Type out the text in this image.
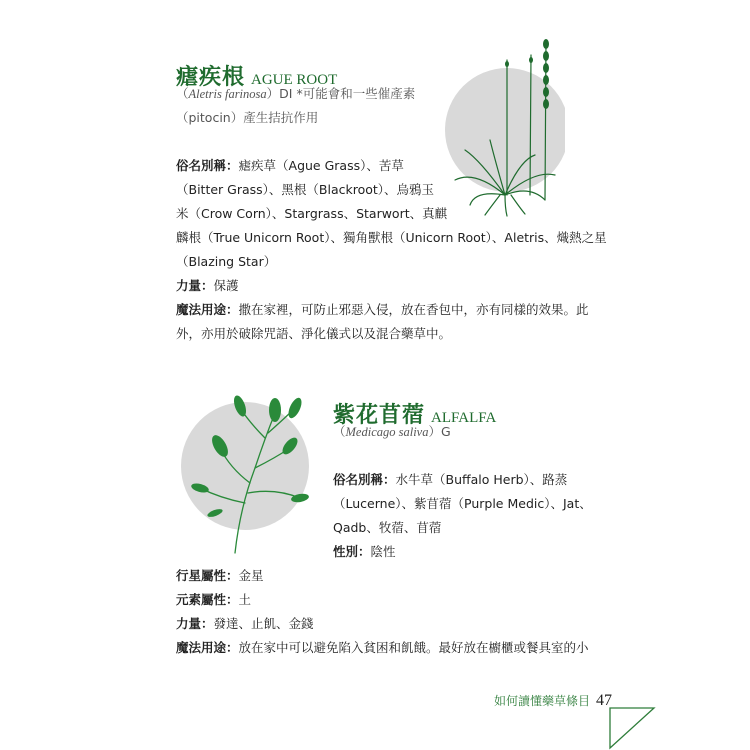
瘧疾根 AGUE ROOT
（Aletris farinosa）DI *可能會和一些催產素
（pitocin）產生拮抗作用
俗名別稱：瘧疾草（Ague Grass）、苦草
（Bitter Grass）、黑根（Blackroot）、烏鴉玉
米（Crow Corn）、Stargrass、Starwort、真麒
麟根（True Unicorn Root）、獨角獸根（Unicorn Root）、Aletris、熾熱之星
（Blazing Star）
力量：保護
魔法用途：撒在家裡，可防止邪惡入侵，放在香包中，亦有同樣的效果。此
外，亦用於破除咒語、淨化儀式以及混合藥草中。
紫花苜蓿 ALFALFA
（Medicago saliva）G
俗名別稱：水牛草（Buffalo Herb）、路蒸
（Lucerne）、紫苜蓿（Purple Medic）、Jat、
Qadb、牧蓿、苜蓿
性別：陰性
行星屬性：金星
元素屬性：土
力量：發達、止飢、金錢
魔法用途：放在家中可以避免陷入貧困和飢餓。最好放在櫥櫃或餐具室的小
如何讀懂藥草條目 47
